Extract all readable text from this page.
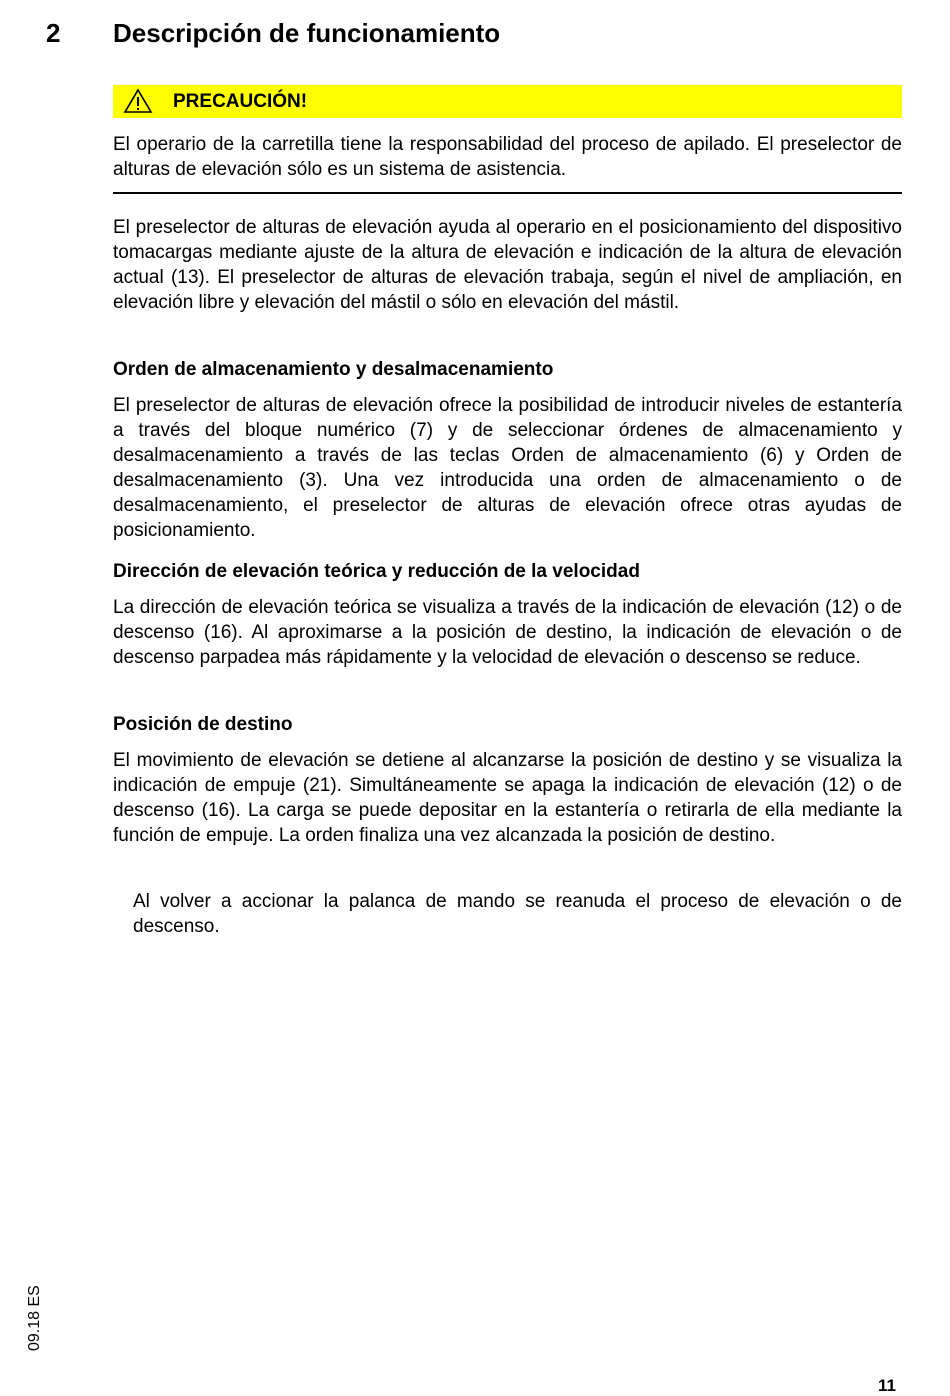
2 Descripción de funcionamiento
PRECAUCIÓN!
El operario de la carretilla tiene la responsabilidad del proceso de apilado. El preselector de alturas de elevación sólo es un sistema de asistencia.
El preselector de alturas de elevación ayuda al operario en el posicionamiento del dispositivo tomacargas mediante ajuste de la altura de elevación e indicación de la altura de elevación actual (13). El preselector de alturas de elevación trabaja, según el nivel de ampliación, en elevación libre y elevación del mástil o sólo en elevación del mástil.
Orden de almacenamiento y desalmacenamiento
El preselector de alturas de elevación ofrece la posibilidad de introducir niveles de estantería a través del bloque numérico (7) y de seleccionar órdenes de almacenamiento y desalmacenamiento a través de las teclas Orden de almacenamiento (6) y Orden de desalmacenamiento (3). Una vez introducida una orden de almacenamiento o de desalmacenamiento, el preselector de alturas de elevación ofrece otras ayudas de posicionamiento.
Dirección de elevación teórica y reducción de la velocidad
La dirección de elevación teórica se visualiza a través de la indicación de elevación (12) o de descenso (16). Al aproximarse a la posición de destino, la indicación de elevación o de descenso parpadea más rápidamente y la velocidad de elevación o descenso se reduce.
Posición de destino
El movimiento de elevación se detiene al alcanzarse la posición de destino y se visualiza la indicación de empuje (21). Simultáneamente se apaga la indicación de elevación (12) o de descenso (16). La carga se puede depositar en la estantería o retirarla de ella mediante la función de empuje. La orden finaliza una vez alcanzada la posición de destino.
Al volver a accionar la palanca de mando se reanuda el proceso de elevación o de descenso.
09.18 ES
11
